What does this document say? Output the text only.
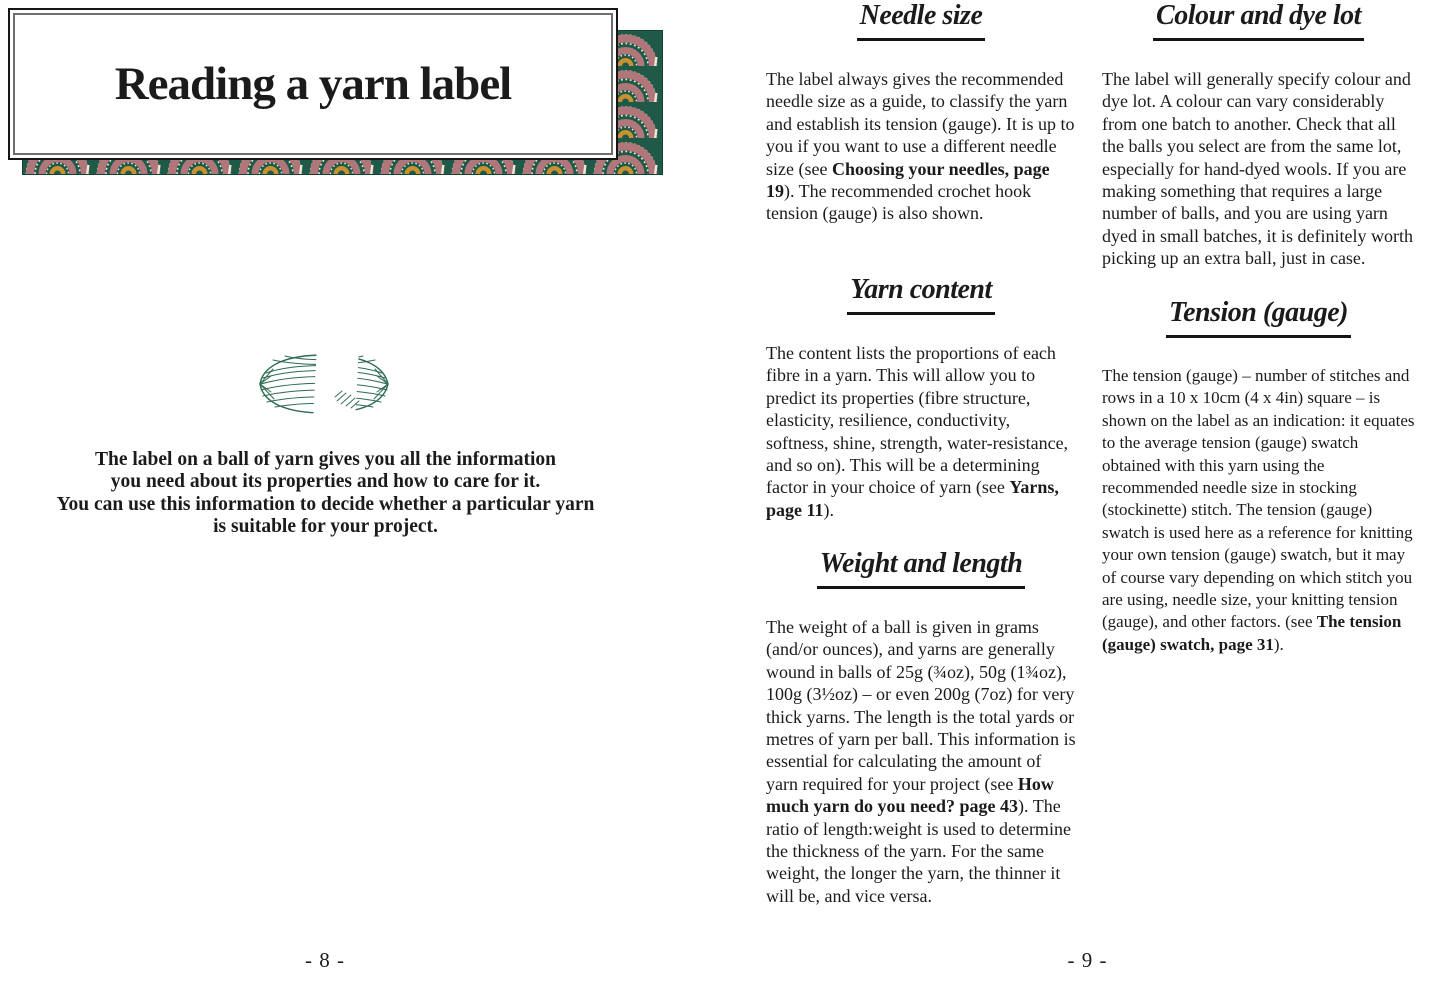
Reading a yarn label
The label on a ball of yarn gives you all the information
you need about its properties and how to care for it.
You can use this information to decide whether a particular yarn
is suitable for your project.
- 8 -
Needle size

The label always gives the recommended needle size as a guide, to classify the yarn and establish its tension (gauge). It is up to you if you want to use a different needle size (see Choosing your needles, page 19). The recommended crochet hook tension (gauge) is also shown.

Yarn content

The content lists the proportions of each fibre in a yarn. This will allow you to predict its properties (fibre structure, elasticity, resilience, conductivity, softness, shine, strength, water-resistance, and so on). This will be a determining factor in your choice of yarn (see Yarns, page 11).

Weight and length

The weight of a ball is given in grams (and/or ounces), and yarns are generally wound in balls of 25g (¾oz), 50g (1¾oz), 100g (3½oz) – or even 200g (7oz) for very thick yarns. The length is the total yards or metres of yarn per ball. This information is essential for calculating the amount of yarn required for your project (see How much yarn do you need? page 43). The ratio of length:weight is used to determine the thickness of the yarn. For the same weight, the longer the yarn, the thinner it will be, and vice versa.

Colour and dye lot

The label will generally specify colour and dye lot. A colour can vary considerably from one batch to another. Check that all the balls you select are from the same lot, especially for hand-dyed wools. If you are making something that requires a large number of balls, and you are using yarn dyed in small batches, it is definitely worth picking up an extra ball, just in case.

Tension (gauge)

The tension (gauge) – number of stitches and rows in a 10 x 10cm (4 x 4in) square – is shown on the label as an indication: it equates to the average tension (gauge) swatch obtained with this yarn using the recommended needle size in stocking (stockinette) stitch. The tension (gauge) swatch is used here as a reference for knitting your own tension (gauge) swatch, but it may of course vary depending on which stitch you are using, needle size, your knitting tension (gauge), and other factors. (see The tension (gauge) swatch, page 31).

- 9 -
